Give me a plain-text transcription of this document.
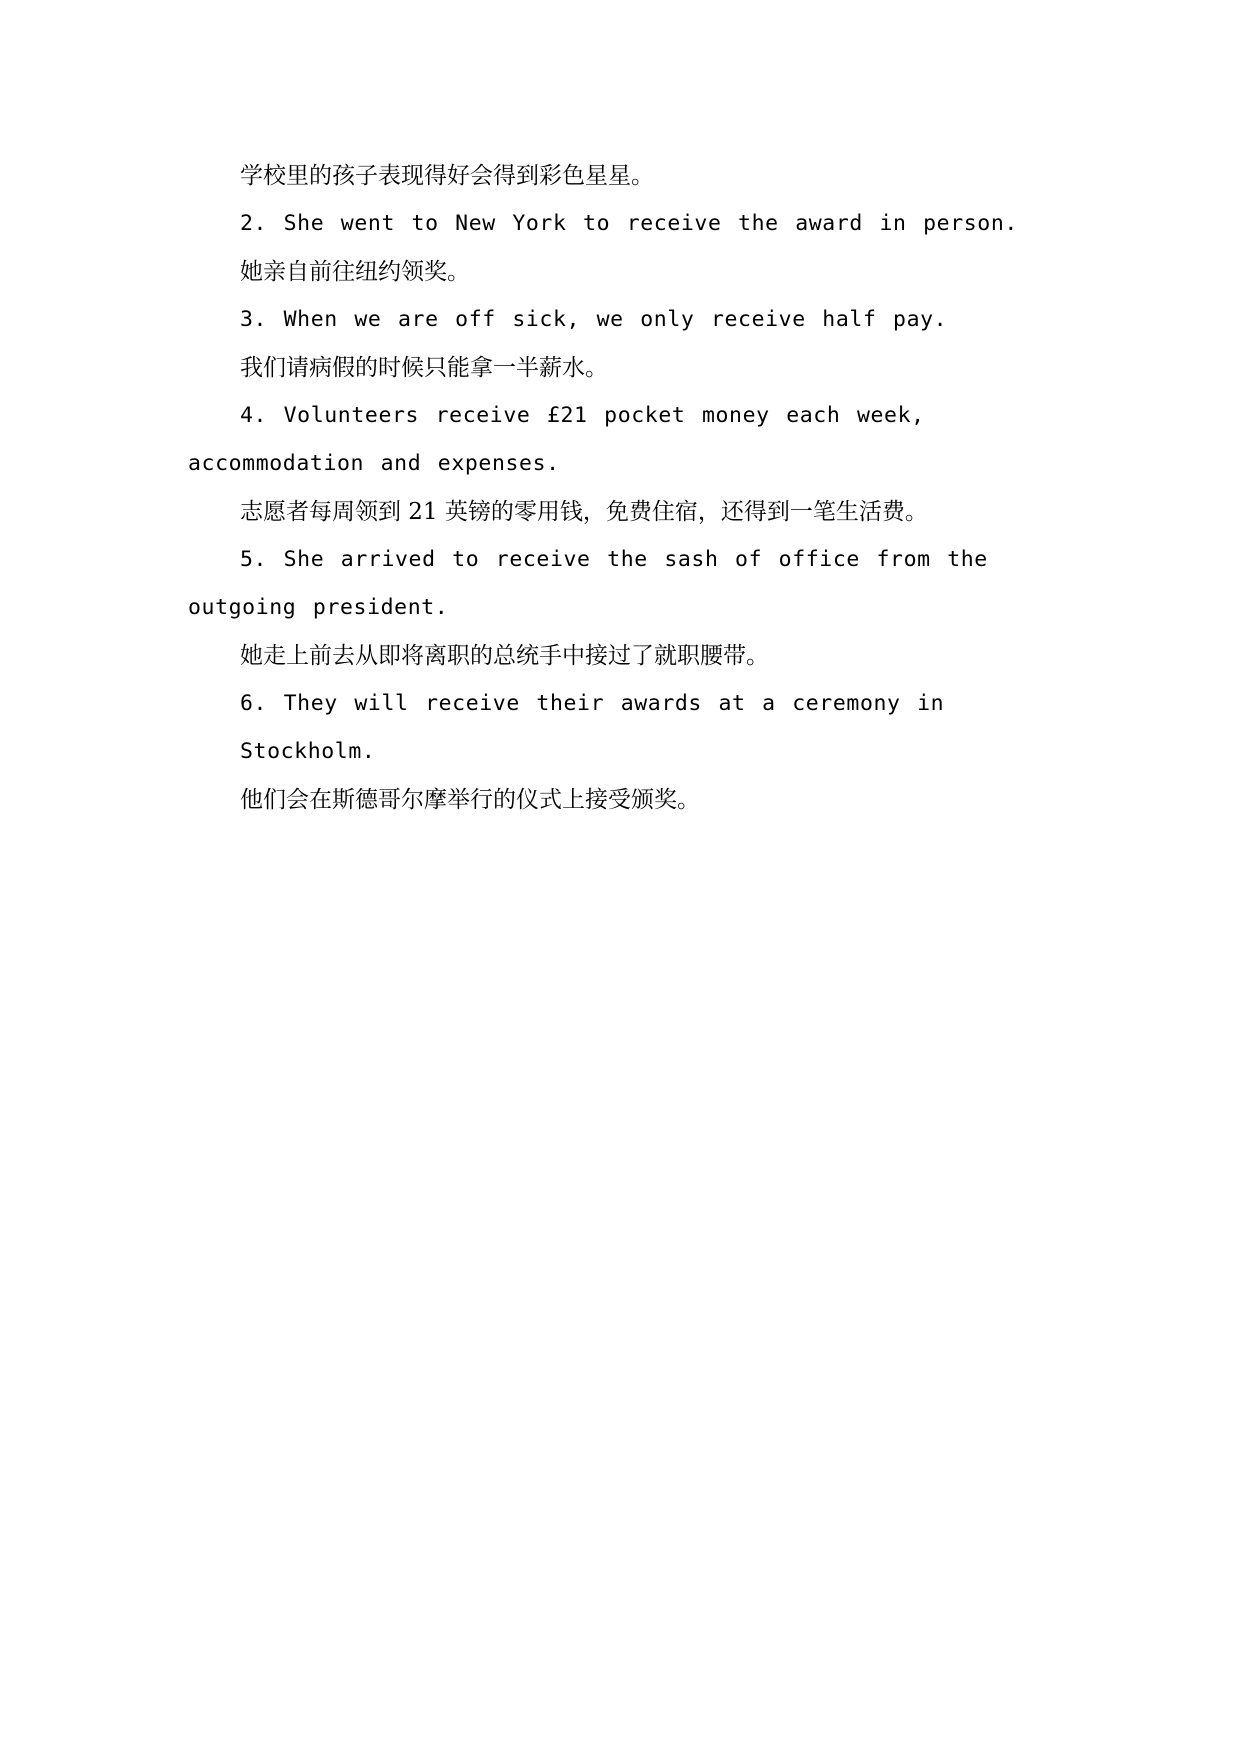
学校里的孩子表现得好会得到彩色星星。

2. She went to New York to receive the award in person.

她亲自前往纽约领奖。

3. When we are off sick, we only receive half pay.

我们请病假的时候只能拿一半薪水。

4. Volunteers receive £21 pocket money each week, accommodation and expenses.

志愿者每周领到 21 英镑的零用钱，免费住宿，还得到一笔生活费。

5. She arrived to receive the sash of office from the outgoing president.

她走上前去从即将离职的总统手中接过了就职腰带。

6. They will receive their awards at a ceremony in Stockholm.

他们会在斯德哥尔摩举行的仪式上接受颁奖。
